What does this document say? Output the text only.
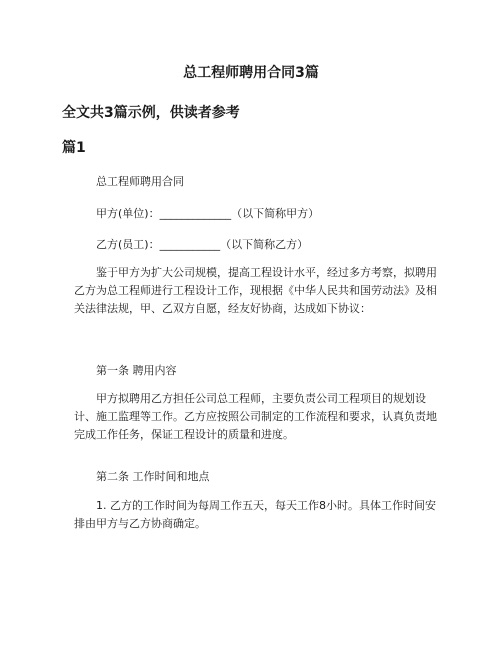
总工程师聘用合同3篇

全文共3篇示例，供读者参考

篇1

总工程师聘用合同

甲方(单位)：_____________（以下简称甲方）

乙方(员工)：___________（以下简称乙方）

鉴于甲方为扩大公司规模，提高工程设计水平，经过多方考察，拟聘用乙方为总工程师进行工程设计工作，现根据《中华人民共和国劳动法》及相关法律法规，甲、乙双方自愿，经友好协商，达成如下协议：

第一条 聘用内容

甲方拟聘用乙方担任公司总工程师，主要负责公司工程项目的规划设计、施工监理等工作。乙方应按照公司制定的工作流程和要求，认真负责地完成工作任务，保证工程设计的质量和进度。

第二条 工作时间和地点

1. 乙方的工作时间为每周工作五天，每天工作8小时。具体工作时间安排由甲方与乙方协商确定。
